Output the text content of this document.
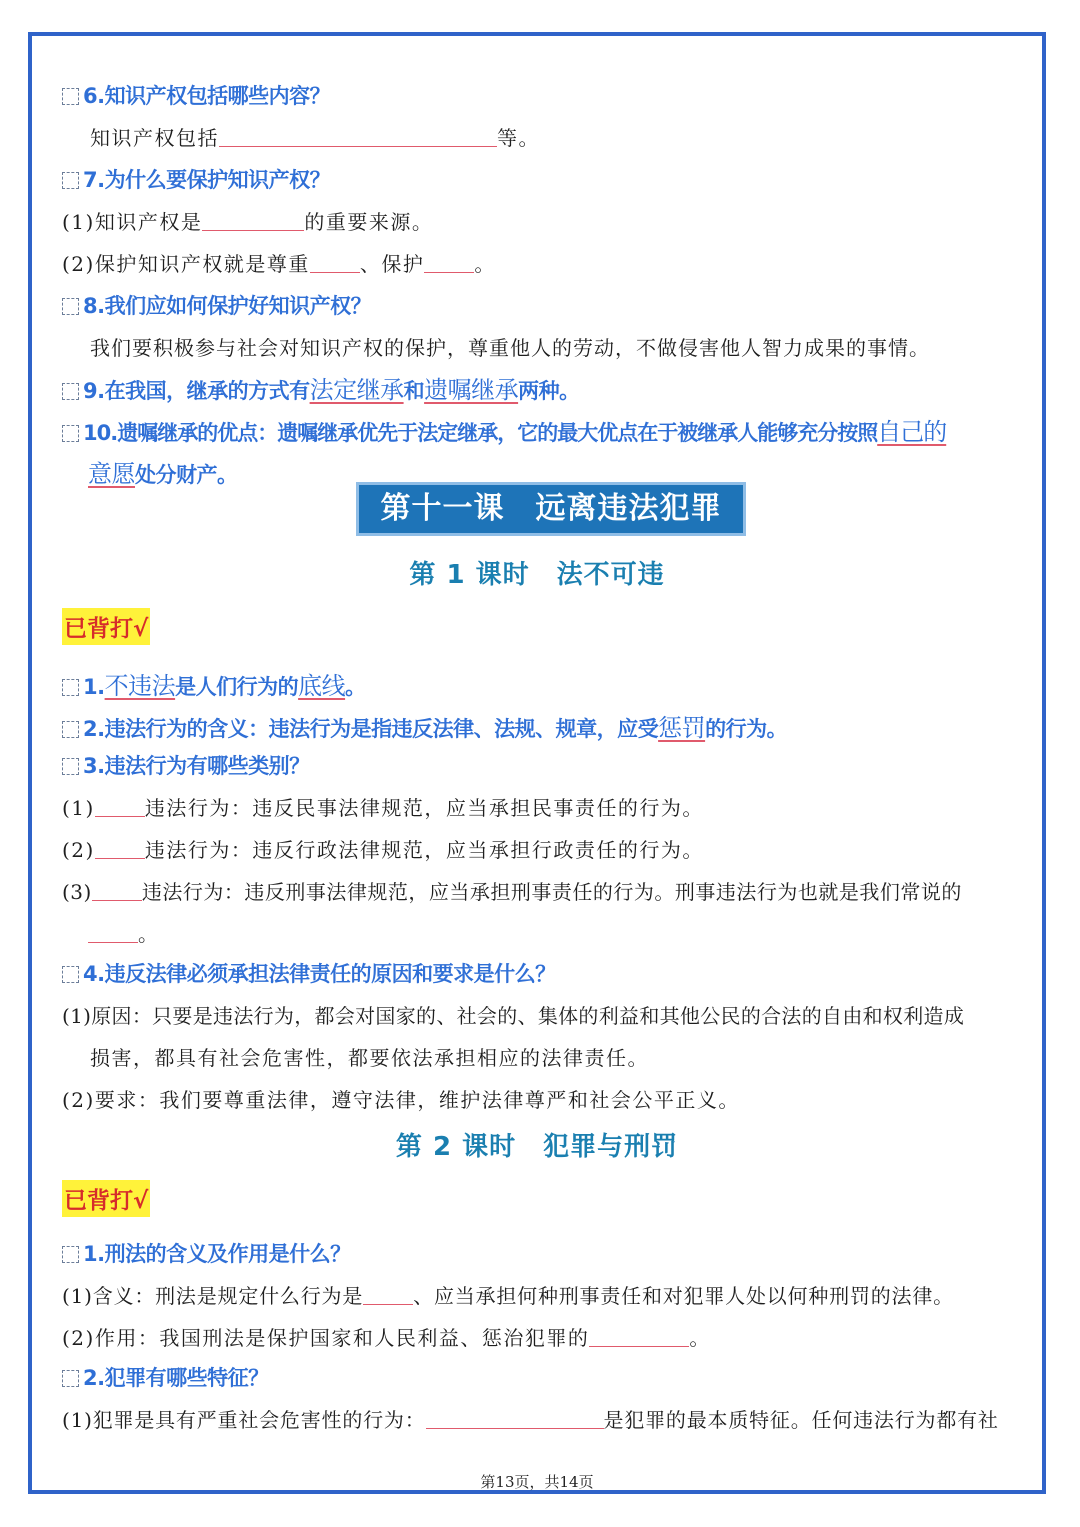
6.知识产权包括哪些内容？
知识产权包括	等。
7.为什么要保护知识产权？
(1)知识产权是	的重要来源。
(2)保护知识产权就是尊重	、保护	。
8.我们应如何保护好知识产权？
我们要积极参与社会对知识产权的保护，尊重他人的劳动，不做侵害他人智力成果的事情。
9.在我国，继承的方式有法定继承和遗嘱继承两种。
10.遗嘱继承的优点：遗嘱继承优先于法定继承，它的最大优点在于被继承人能够充分按照自己的
意愿处分财产。
第十一课　远离违法犯罪
第 1 课时　法不可违
已背打√
1.不违法是人们行为的底线。
2.违法行为的含义：违法行为是指违反法律、法规、规章，应受惩罚的行为。
3.违法行为有哪些类别？
(1)	违法行为：违反民事法律规范，应当承担民事责任的行为。
(2)	违法行为：违反行政法律规范，应当承担行政责任的行为。
(3)	违法行为：违反刑事法律规范，应当承担刑事责任的行为。刑事违法行为也就是我们常说的
。
4.违反法律必须承担法律责任的原因和要求是什么？
(1)原因：只要是违法行为，都会对国家的、社会的、集体的利益和其他公民的合法的自由和权利造成
损害，都具有社会危害性，都要依法承担相应的法律责任。
(2)要求：我们要尊重法律，遵守法律，维护法律尊严和社会公平正义。
第 2 课时　犯罪与刑罚
已背打√
1.刑法的含义及作用是什么？
(1)含义：刑法是规定什么行为是	、应当承担何种刑事责任和对犯罪人处以何种刑罚的法律。
(2)作用：我国刑法是保护国家和人民利益、惩治犯罪的	。
2.犯罪有哪些特征？
(1)犯罪是具有严重社会危害性的行为：	是犯罪的最本质特征。任何违法行为都有社
第13页，共14页
